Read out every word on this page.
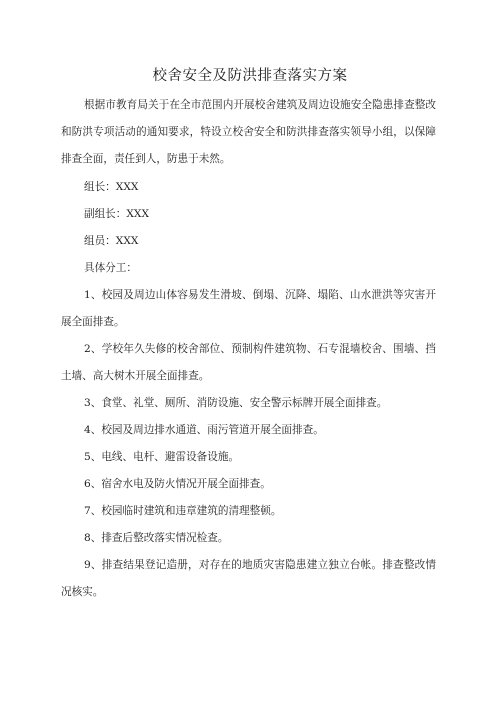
校舍安全及防洪排查落实方案
根据市教育局关于在全市范围内开展校舍建筑及周边设施安全隐患排查整改和防洪专项活动的通知要求，特设立校舍安全和防洪排查落实领导小组，以保障排查全面，责任到人，防患于未然。
组长：XXX
副组长：XXX
组员：XXX
具体分工：
1、校园及周边山体容易发生滑坡、倒塌、沉降、塌陷、山水泄洪等灾害开展全面排查。
2、学校年久失修的校舍部位、预制构件建筑物、石专混墙校舍、围墙、挡土墙、高大树木开展全面排查。
3、食堂、礼堂、厕所、消防设施、安全警示标牌开展全面排查。
4、校园及周边排水通道、雨污管道开展全面排查。
5、电线、电杆、避雷设备设施。
6、宿舍水电及防火情况开展全面排查。
7、校园临时建筑和违章建筑的清理整顿。
8、排查后整改落实情况检查。
9、排查结果登记造册，对存在的地质灾害隐患建立独立台帐。排查整改情况核实。
